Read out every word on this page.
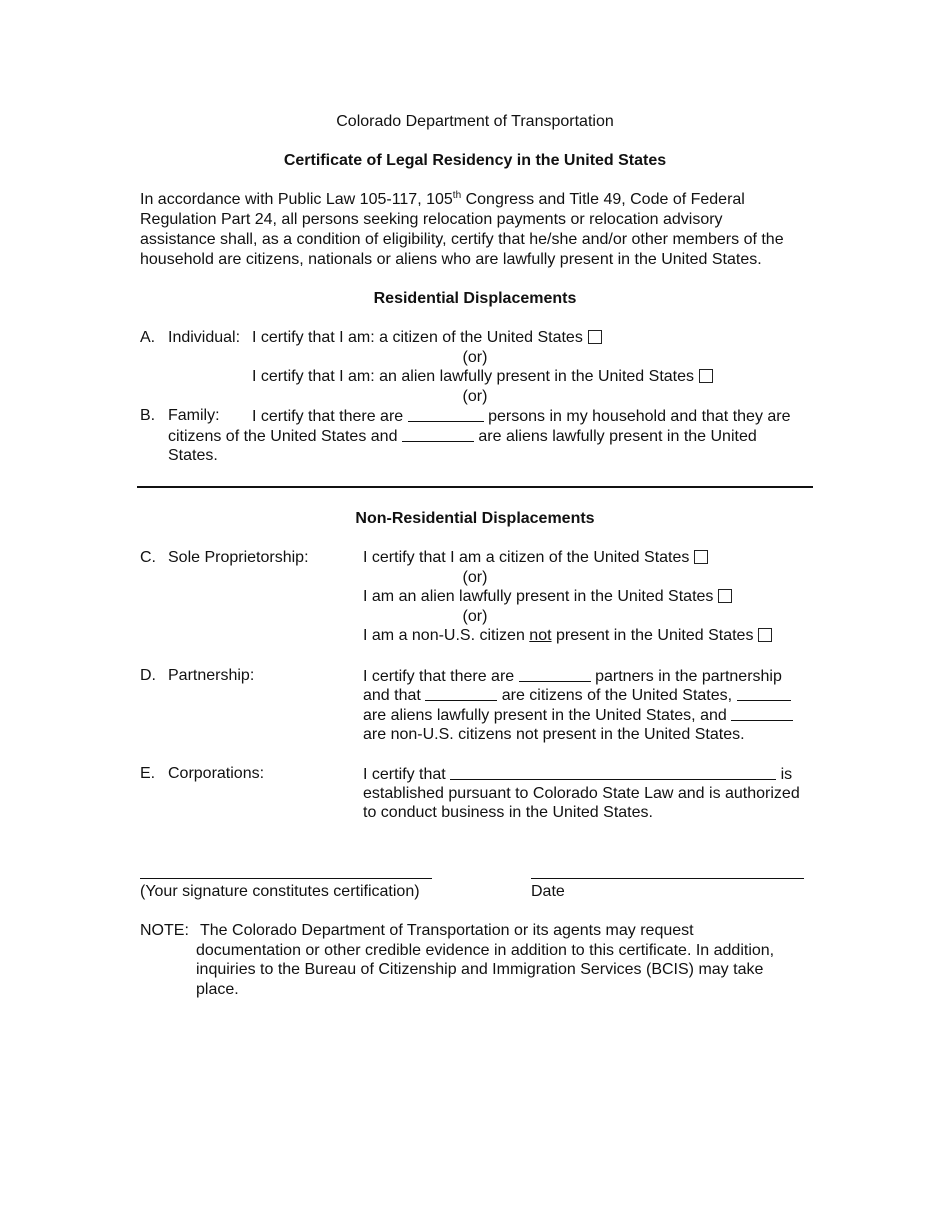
Colorado Department of Transportation
Certificate of Legal Residency in the United States
In accordance with Public Law 105-117, 105th Congress and Title 49, Code of Federal
Regulation Part 24, all persons seeking relocation payments or relocation advisory
assistance shall, as a condition of eligibility, certify that he/she and/or other members of the
household are citizens, nationals or aliens who are lawfully present in the United States.
Residential Displacements
A. Individual: I certify that I am: a citizen of the United States
(or)
I certify that I am: an alien lawfully present in the United States
(or)
B. Family: I certify that there are	persons in my household and that they are
citizens of the United States and	are aliens lawfully present in the United
States.
Non-Residential Displacements
C. Sole Proprietorship:	I certify that I am a citizen of the United States
(or)
I am an alien lawfully present in the United States
(or)
I am a non-U.S. citizen not present in the United States
D. Partnership:	I certify that there are	partners in the partnership
and that	are citizens of the United States,
are aliens lawfully present in the United States, and
are non-U.S. citizens not present in the United States.
E. Corporations:	I certify that	is
established pursuant to Colorado State Law and is authorized
to conduct business in the United States.
(Your signature constitutes certification)	Date
NOTE: The Colorado Department of Transportation or its agents may request
documentation or other credible evidence in addition to this certificate. In addition,
inquiries to the Bureau of Citizenship and Immigration Services (BCIS) may take
place.
